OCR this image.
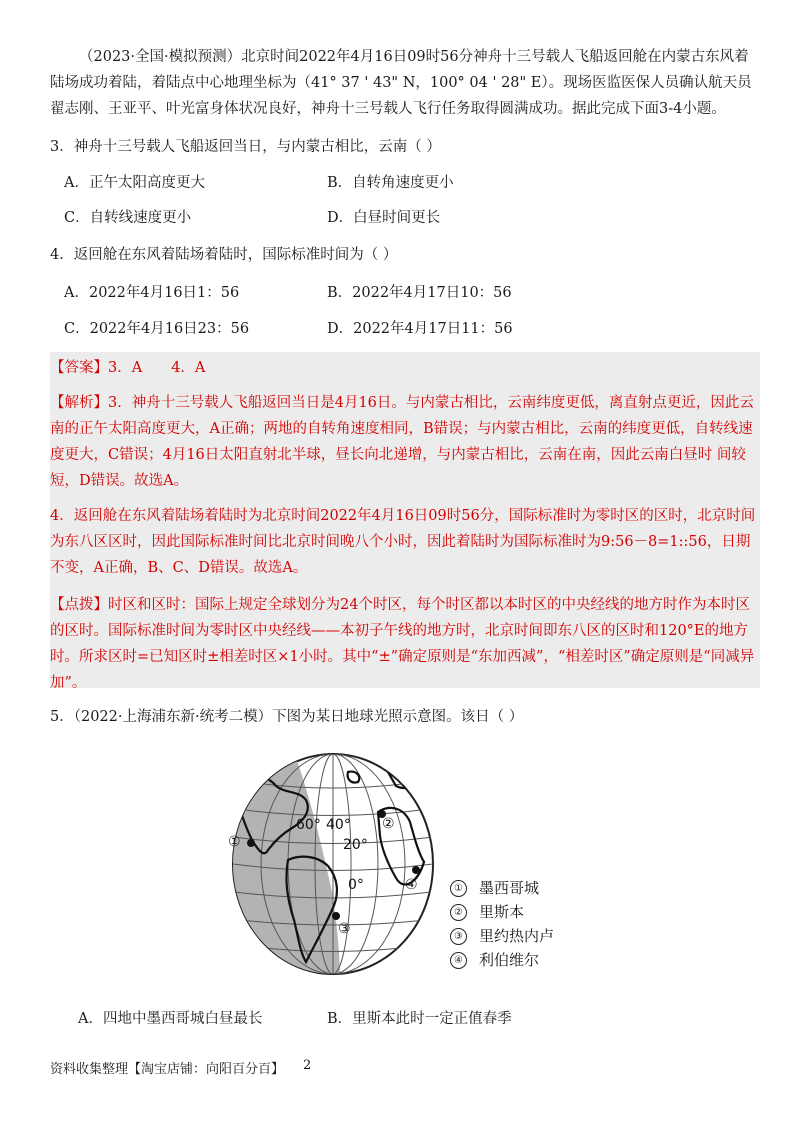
（2023·全国·模拟预测）北京时间2022年4月16日09时56分神舟十三号载人飞船返回舱在内蒙古东风着陆场成功着陆，着陆点中心地理坐标为（41° 37 ' 43" N，100° 04 ' 28" E）。现场医监医保人员确认航天员翟志刚、王亚平、叶光富身体状况良好，神舟十三号载人飞行任务取得圆满成功。据此完成下面3-4小题。

3．神舟十三号载人飞船返回当日，与内蒙古相比，云南（ ）

A．正午太阳高度更大	B．自转角速度更小
C．自转线速度更小	D．白昼时间更长

4．返回舱在东风着陆场着陆时，国际标准时间为（ ）

A．2022年4月16日1：56	B．2022年4月17日10：56
C．2022年4月16日23：56	D．2022年4月17日11：56

【答案】3．A　　4．A

【解析】3．神舟十三号载人飞船返回当日是4月16日。与内蒙古相比，云南纬度更低，离直射点更近，因此云南的正午太阳高度更大，A正确；两地的自转角速度相同，B错误；与内蒙古相比，云南的纬度更低，自转线速度更大，C错误；4月16日太阳直射北半球，昼长向北递增，与内蒙古相比，云南在南，因此云南白昼时 间较短，D错误。故选A。

4．返回舱在东风着陆场着陆时为北京时间2022年4月16日09时56分，国际标准时为零时区的区时，北京时间为东八区区时，因此国际标准时间比北京时间晚八个小时，因此着陆时为国际标准时为9:56－8=1::56，日期不变，A正确，B、C、D错误。故选A。

【点拨】时区和区时：国际上规定全球划分为24个时区，每个时区都以本时区的中央经线的地方时作为本时区的区时。国际标准时间为零时区中央经线——本初子午线的地方时，北京时间即东八区的区时和120°E的地方时。所求区时=已知区时±相差时区×1小时。其中“±”确定原则是“东加西减”，“相差时区”确定原则是“同减异加”。

5．（2022·上海浦东新·统考二模）下图为某日地球光照示意图。该日（ ）

60° 40°
20°
0°
①
②
③
④	① 墨西哥城
② 里斯本
③ 里约热内卢
④ 利伯维尔
A．四地中墨西哥城白昼最长	B．里斯本此时一定正值春季
资料收集整理【淘宝店铺：向阳百分百】 2
